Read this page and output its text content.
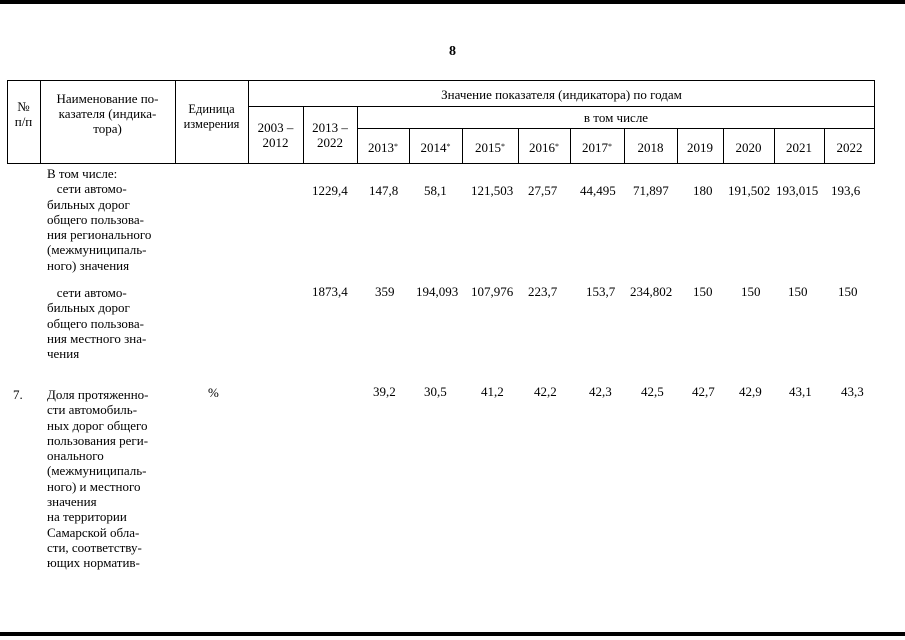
8
№
п/п
Наименование по-
казателя (индика-
тора)
Единица
измерения
Значение показателя (индикатора) по годам
2003 –
2012
2013 –
2022
в том числе
2013 * 2014 * 2015 * 2016 * 2017 * 2018 2019 2020 2021 2022
В том числе:
сети автомо-
бильных дорог
общего пользова-
ния регионального
(межмуниципаль-
ного) значения
1229,4 147,8 58,1 121,503 27,57 44,495 71,897 180 191,502 193,015 193,6
сети автомо-
бильных дорог
общего пользова-
ния местного зна-
чения
1873,4 359 194,093 107,976 223,7 153,7 234,802 150 150 150 150
7. Доля протяженно-
сти автомобиль-
ных дорог общего
пользования реги-
онального
(межмуниципаль-
ного) и местного
значения
на территории
Самарской обла-
сти, соответству-
ющих норматив-
%	39,2 30,5	41,2 42,2 42,3 42,5 42,7 42,9 43,1 43,3
